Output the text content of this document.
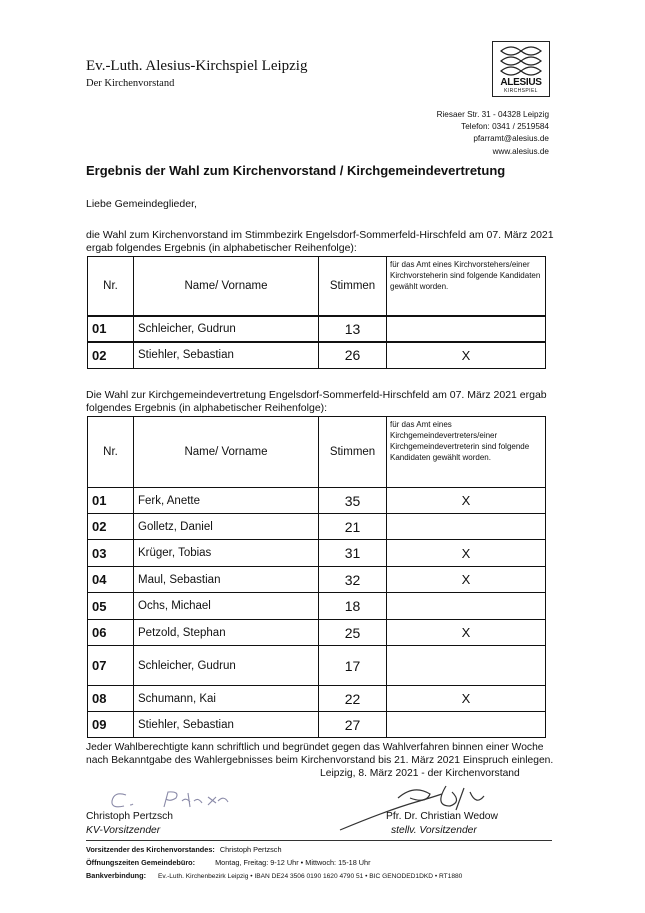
Ev.-Luth. Alesius-Kirchspiel Leipzig
Der Kirchenvorstand	ALESIUS
KIRCHSPIEL
Riesaer Str. 31 - 04328 Leipzig
Telefon: 0341 / 2519584
pfarramt@alesius.de
www.alesius.de
Ergebnis der Wahl zum Kirchenvorstand / Kirchgemeindevertretung
Liebe Gemeindeglieder,
die Wahl zum Kirchenvorstand im Stimmbezirk Engelsdorf-Sommerfeld-Hirschfeld am 07. März 2021 ergab folgendes Ergebnis (in alphabetischer Reihenfolge):
Nr.	Name/ Vorname	Stimmen	für das Amt eines Kirchvorstehers/einer Kirchvorsteherin sind folgende Kandidaten gewählt worden.
01	Schleicher, Gudrun	13	
02	Stiehler, Sebastian	26	X
Die Wahl zur Kirchgemeindevertretung Engelsdorf-Sommerfeld-Hirschfeld am 07. März 2021 ergab folgendes Ergebnis (in alphabetischer Reihenfolge):
Nr.	Name/ Vorname	Stimmen	für das Amt eines Kirchgemeindevertreters/einer Kirchgemeindevertreterin sind folgende Kandidaten gewählt worden.
01	Ferk, Anette	35	X
02	Golletz, Daniel	21	
03	Krüger, Tobias	31	X
04	Maul, Sebastian	32	X
05	Ochs, Michael	18	
06	Petzold, Stephan	25	X
07	Schleicher, Gudrun	17	
08	Schumann, Kai	22	X
09	Stiehler, Sebastian	27	
Jeder Wahlberechtigte kann schriftlich und begründet gegen das Wahlverfahren binnen einer Woche nach Bekanntgabe des Wahlergebnisses beim Kirchenvorstand bis 21. März 2021 Einspruch einlegen.
Leipzig, 8. März 2021 - der Kirchenvorstand
Christoph Pertzsch
KV-Vorsitzender
Pfr. Dr. Christian Wedow
stellv. Vorsitzender
Vorsitzender des Kirchenvorstandes: Christoph Pertzsch
Öffnungszeiten Gemeindebüro:	Montag, Freitag: 9-12 Uhr • Mittwoch: 15-18 Uhr
Bankverbindung: Ev.-Luth. Kirchenbezirk Leipzig • IBAN DE24 3506 0190 1620 4790 51 • BIC GENODED1DKD • RT1880
